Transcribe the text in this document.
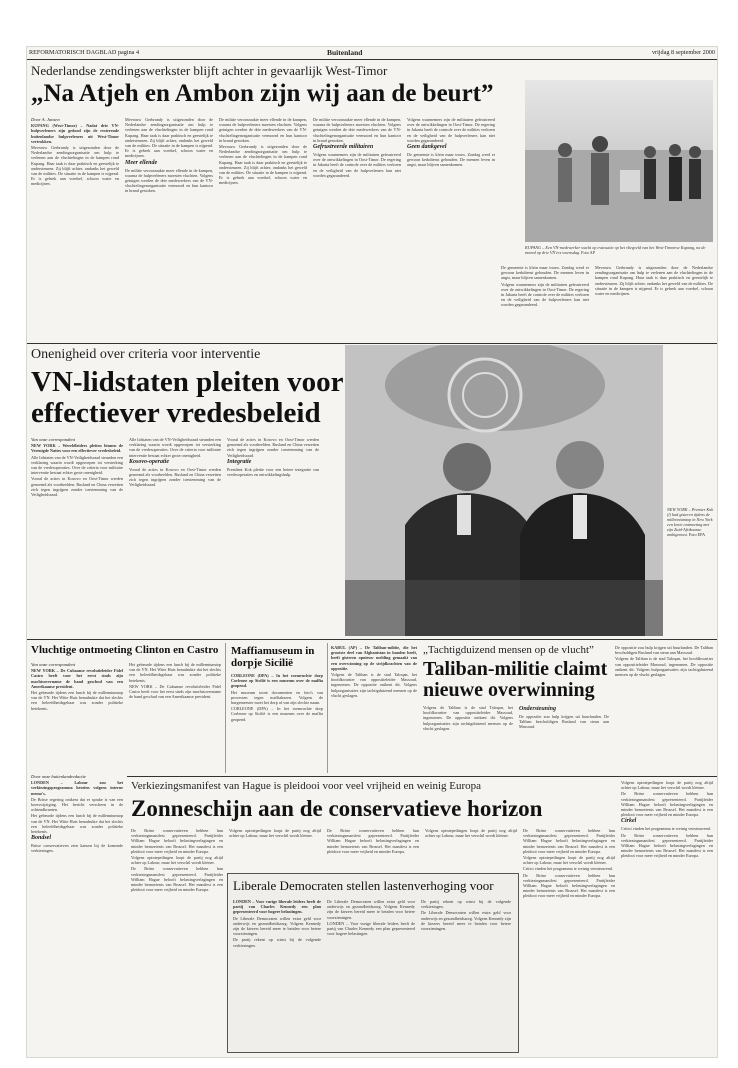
REFORMATORISCH DAGBLAD pagina 4	Buitenland	vrijdag 8 september 2000
Nederlandse zendingswerkster blijft achter in gevaarlijk West-Timor
„Na Atjeh en Ambon zijn wij aan de beurt”
Door A. Jansen

KUPANG (West-Timor) – Nadat drie VN-hulpverleners zijn gedood zijn de resterende buitenlandse hulpverleners uit West-Timor vertrokken.

Mevrouw Gerbrandy is uitgezonden door de Nederlandse zendingsorganisatie om hulp te verlenen aan de vluchtelingen in de kampen rond Kupang. Haar taak is daar praktisch en geestelijk te ondersteunen. Zij blijft achter, ondanks het geweld van de milities. De situatie in de kampen is nijpend. Er is gebrek aan voedsel, schoon water en medicijnen.

Mevrouw Gerbrandy is uitgezonden door de Nederlandse zendingsorganisatie om hulp te verlenen aan de vluchtelingen in de kampen rond Kupang. Haar taak is daar praktisch en geestelijk te ondersteunen. Zij blijft achter, ondanks het geweld van de milities. De situatie in de kampen is nijpend. Er is gebrek aan voedsel, schoon water en medicijnen.

Meer ellende

De militie veroorzaakte meer ellende in de kampen, waarna de hulpverleners moesten vluchten. Volgens getuigen werden de drie medewerkers van de VN-vluchtelingenorganisatie vermoord en hun kantoor in brand gestoken.

De militie veroorzaakte meer ellende in de kampen, waarna de hulpverleners moesten vluchten. Volgens getuigen werden de drie medewerkers van de VN-vluchtelingenorganisatie vermoord en hun kantoor in brand gestoken.

Mevrouw Gerbrandy is uitgezonden door de Nederlandse zendingsorganisatie om hulp te verlenen aan de vluchtelingen in de kampen rond Kupang. Haar taak is daar praktisch en geestelijk te ondersteunen. Zij blijft achter, ondanks het geweld van de milities. De situatie in de kampen is nijpend. Er is gebrek aan voedsel, schoon water en medicijnen.

De militie veroorzaakte meer ellende in de kampen, waarna de hulpverleners moesten vluchten. Volgens getuigen werden de drie medewerkers van de VN-vluchtelingenorganisatie vermoord en hun kantoor in brand gestoken.

Gefrustreerde militairen

Volgens waarnemers zijn de militairen gefrustreerd over de ontwikkelingen in Oost-Timor. De regering in Jakarta heeft de controle over de milities verloren en de veiligheid van de hulpverleners kan niet worden gegarandeerd.

Volgens waarnemers zijn de militairen gefrustreerd over de ontwikkelingen in Oost-Timor. De regering in Jakarta heeft de controle over de milities verloren en de veiligheid van de hulpverleners kan niet worden gegarandeerd.

Geen dankgevel

De gemeente is klein maar trouw. Zondag werd er gewoon kerkdienst gehouden. De mensen leven in angst, maar blijven samenkomen.

KUPANG – Een VN-medewerker wacht op evacuatie op het vliegveld van het West-Timorese Kupang, na de moord op drie VN'ers woensdag. Foto AP

De gemeente is klein maar trouw. Zondag werd er gewoon kerkdienst gehouden. De mensen leven in angst, maar blijven samenkomen.

Volgens waarnemers zijn de militairen gefrustreerd over de ontwikkelingen in Oost-Timor. De regering in Jakarta heeft de controle over de milities verloren en de veiligheid van de hulpverleners kan niet worden gegarandeerd.

Mevrouw Gerbrandy is uitgezonden door de Nederlandse zendingsorganisatie om hulp te verlenen aan de vluchtelingen in de kampen rond Kupang. Haar taak is daar praktisch en geestelijk te ondersteunen. Zij blijft achter, ondanks het geweld van de milities. De situatie in de kampen is nijpend. Er is gebrek aan voedsel, schoon water en medicijnen.

Onenigheid over criteria voor interventie
VN-lidstaten pleiten voor effectiever vredesbeleid
Van onze correspondent

NEW YORK – Wereldleiders pleiten binnen de Verenigde Naties voor een effectiever vredesbeleid.

Alle lidstaten van de VN-Veiligheidsraad steunden een verklaring waarin wordt opgeroepen tot versterking van de vredesoperaties. Over de criteria voor militaire interventie bestaat echter grote onenigheid.

Vooral de acties in Kosovo en Oost-Timor werden genoemd als voorbeelden. Rusland en China verzetten zich tegen ingrijpen zonder toestemming van de Veiligheidsraad.

Alle lidstaten van de VN-Veiligheidsraad steunden een verklaring waarin wordt opgeroepen tot versterking van de vredesoperaties. Over de criteria voor militaire interventie bestaat echter grote onenigheid.

Kosovo-operatie

Vooral de acties in Kosovo en Oost-Timor werden genoemd als voorbeelden. Rusland en China verzetten zich tegen ingrijpen zonder toestemming van de Veiligheidsraad.

Vooral de acties in Kosovo en Oost-Timor werden genoemd als voorbeelden. Rusland en China verzetten zich tegen ingrijpen zonder toestemming van de Veiligheidsraad.

Integratie

President Kok pleitte voor een betere integratie van vredesoperaties en ontwikkelingshulp.

NEW YORK – Premier Kok (l) had gisteren tijdens de millenniumtop in New York een korte ontmoeting met zijn Zuid-Afrikaanse ambtgenoot. Foto EPA
Vluchtige ontmoeting Clinton en Castro
Van onze correspondent

NEW YORK – De Cubaanse revolutieleider Fidel Castro heeft voor het eerst sinds zijn machtsovername de hand geschud van een Amerikaanse president.

Het gebeurde tijdens een lunch bij de millenniumtop van de VN. Het Witte Huis benadrukte dat het slechts een beleefdheidsgebaar was zonder politieke betekenis.

Het gebeurde tijdens een lunch bij de millenniumtop van de VN. Het Witte Huis benadrukte dat het slechts een beleefdheidsgebaar was zonder politieke betekenis.

NEW YORK – De Cubaanse revolutieleider Fidel Castro heeft voor het eerst sinds zijn machtsovername de hand geschud van een Amerikaanse president.

Door onze buitenlandredactie

LONDEN – Labour zou het verkiezingsprogramma herzien volgens interne memo's.

De Britse regering ontkent dat er sprake is van een koerswijziging. Het bericht verscheen in de ochtendkranten.

Het gebeurde tijdens een lunch bij de millenniumtop van de VN. Het Witte Huis benadrukte dat het slechts een beleefdheidsgebaar was zonder politieke betekenis.

Bondsel

Britse conservatieven zien kansen bij de komende verkiezingen.

Maffiamuseum in dorpje Sicilië

CORLEONE (DPA) – In het roemruchte dorp Corleone op Sicilië is een museum over de maffia geopend.

Het museum toont documenten en foto's van processen tegen maffiabazen. Volgens de burgemeester moet het dorp af van zijn slechte naam.

CORLEONE (DPA) – In het roemruchte dorp Corleone op Sicilië is een museum over de maffia geopend.

KABUL (AP) – De Taliban-militie, die het grootste deel van Afghanistan in handen heeft, heeft gisteren opnieuw melding gemaakt van een overwinning op de strijdkrachten van de oppositie.

Volgens de Taliban is de stad Taloqan, het hoofdkwartier van oppositieleider Massoud, ingenomen. De oppositie ontkent dit. Volgens hulporganisaties zijn tachtigduizend mensen op de vlucht geslagen.

„Tachtigduizend mensen op de vlucht”
Taliban-militie claimt nieuwe overwinning

Volgens de Taliban is de stad Taloqan, het hoofdkwartier van oppositieleider Massoud, ingenomen. De oppositie ontkent dit. Volgens hulporganisaties zijn tachtigduizend mensen op de vlucht geslagen.

Ondersteuning

De oppositie zou hulp krijgen uit buurlanden. De Taliban beschuldigen Rusland van steun aan Massoud.

De oppositie zou hulp krijgen uit buurlanden. De Taliban beschuldigen Rusland van steun aan Massoud.

Volgens de Taliban is de stad Taloqan, het hoofdkwartier van oppositieleider Massoud, ingenomen. De oppositie ontkent dit. Volgens hulporganisaties zijn tachtigduizend mensen op de vlucht geslagen.

Verkiezingsmanifest van Hague is pleidooi voor veel vrijheid en weinig Europa
Zonneschijn aan de conservatieve horizon

De Britse conservatieven hebben hun verkiezingsmanifest gepresenteerd. Partijleider William Hague belooft belastingverlagingen en minder bemoeienis van Brussel. Het manifest is een pleidooi voor meer vrijheid en minder Europa.

Volgens opiniepeilingen loopt de partij nog altijd achter op Labour, maar het verschil wordt kleiner.

De Britse conservatieven hebben hun verkiezingsmanifest gepresenteerd. Partijleider William Hague belooft belastingverlagingen en minder bemoeienis van Brussel. Het manifest is een pleidooi voor meer vrijheid en minder Europa.

Volgens opiniepeilingen loopt de partij nog altijd achter op Labour, maar het verschil wordt kleiner.

De Britse conservatieven hebben hun verkiezingsmanifest gepresenteerd. Partijleider William Hague belooft belastingverlagingen en minder bemoeienis van Brussel. Het manifest is een pleidooi voor meer vrijheid en minder Europa.

Volgens opiniepeilingen loopt de partij nog altijd achter op Labour, maar het verschil wordt kleiner.

De Britse conservatieven hebben hun verkiezingsmanifest gepresenteerd. Partijleider William Hague belooft belastingverlagingen en minder bemoeienis van Brussel. Het manifest is een pleidooi voor meer vrijheid en minder Europa.

Volgens opiniepeilingen loopt de partij nog altijd achter op Labour, maar het verschil wordt kleiner.

Critici vinden het programma te weinig vernieuwend.

De Britse conservatieven hebben hun verkiezingsmanifest gepresenteerd. Partijleider William Hague belooft belastingverlagingen en minder bemoeienis van Brussel. Het manifest is een pleidooi voor meer vrijheid en minder Europa.

Volgens opiniepeilingen loopt de partij nog altijd achter op Labour, maar het verschil wordt kleiner.

De Britse conservatieven hebben hun verkiezingsmanifest gepresenteerd. Partijleider William Hague belooft belastingverlagingen en minder bemoeienis van Brussel. Het manifest is een pleidooi voor meer vrijheid en minder Europa.

Cirkel

Critici vinden het programma te weinig vernieuwend.

De Britse conservatieven hebben hun verkiezingsmanifest gepresenteerd. Partijleider William Hague belooft belastingverlagingen en minder bemoeienis van Brussel. Het manifest is een pleidooi voor meer vrijheid en minder Europa.

Liberale Democraten stellen lastenverhoging voor

LONDEN – Voor vurige liberale leiders heeft de partij van Charles Kennedy een plan gepresenteerd voor hogere belastingen.

De Liberale Democraten willen extra geld voor onderwijs en gezondheidszorg. Volgens Kennedy zijn de kiezers bereid meer te betalen voor betere voorzieningen.

De partij rekent op winst bij de volgende verkiezingen.

De Liberale Democraten willen extra geld voor onderwijs en gezondheidszorg. Volgens Kennedy zijn de kiezers bereid meer te betalen voor betere voorzieningen.

LONDEN – Voor vurige liberale leiders heeft de partij van Charles Kennedy een plan gepresenteerd voor hogere belastingen.

De partij rekent op winst bij de volgende verkiezingen.

De Liberale Democraten willen extra geld voor onderwijs en gezondheidszorg. Volgens Kennedy zijn de kiezers bereid meer te betalen voor betere voorzieningen.
